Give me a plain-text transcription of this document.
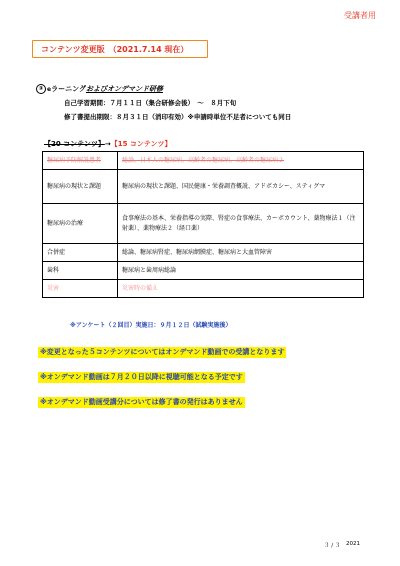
受講者用
コンテンツ変更版　（2021.7.14 現在）
③ eラーニングおよびオンデマンド研修
自己学習期間：７月１１日（集合研修会後）　～　８月下旬
修了書提出期限：８月３１日（消印有効）※申請時単位不足者についても同日
【20 コンテンツ】→【15 コンテンツ】
糖尿病予防解説患者	総論、日本人の糖尿病、高齢者の糖尿病、高齢者の糖尿病２
糖尿病の現状と課題	糖尿病の現状と課題、国民健康・栄養調査概説、アドボカシー、スティグマ
糖尿病の治療	食事療法の基本、栄養指導の実際、腎症の食事療法、カーボカウント、薬物療法１（注射薬）、薬物療法２（経口薬）
合併症	総論、糖尿病腎症、糖尿病網膜症、糖尿病と大血管障害
歯科	糖尿病と歯周病総論
災害	災害時の備え
※アンケート（２回目）実施日：９月１２日（試験実施後）
※変更となった５コンテンツについてはオンデマンド動画での受講となります
※オンデマンド動画は７月２０日以降に視聴可能となる予定です
※オンデマンド動画受講分については修了書の発行はありません
３ / ３ 2021
